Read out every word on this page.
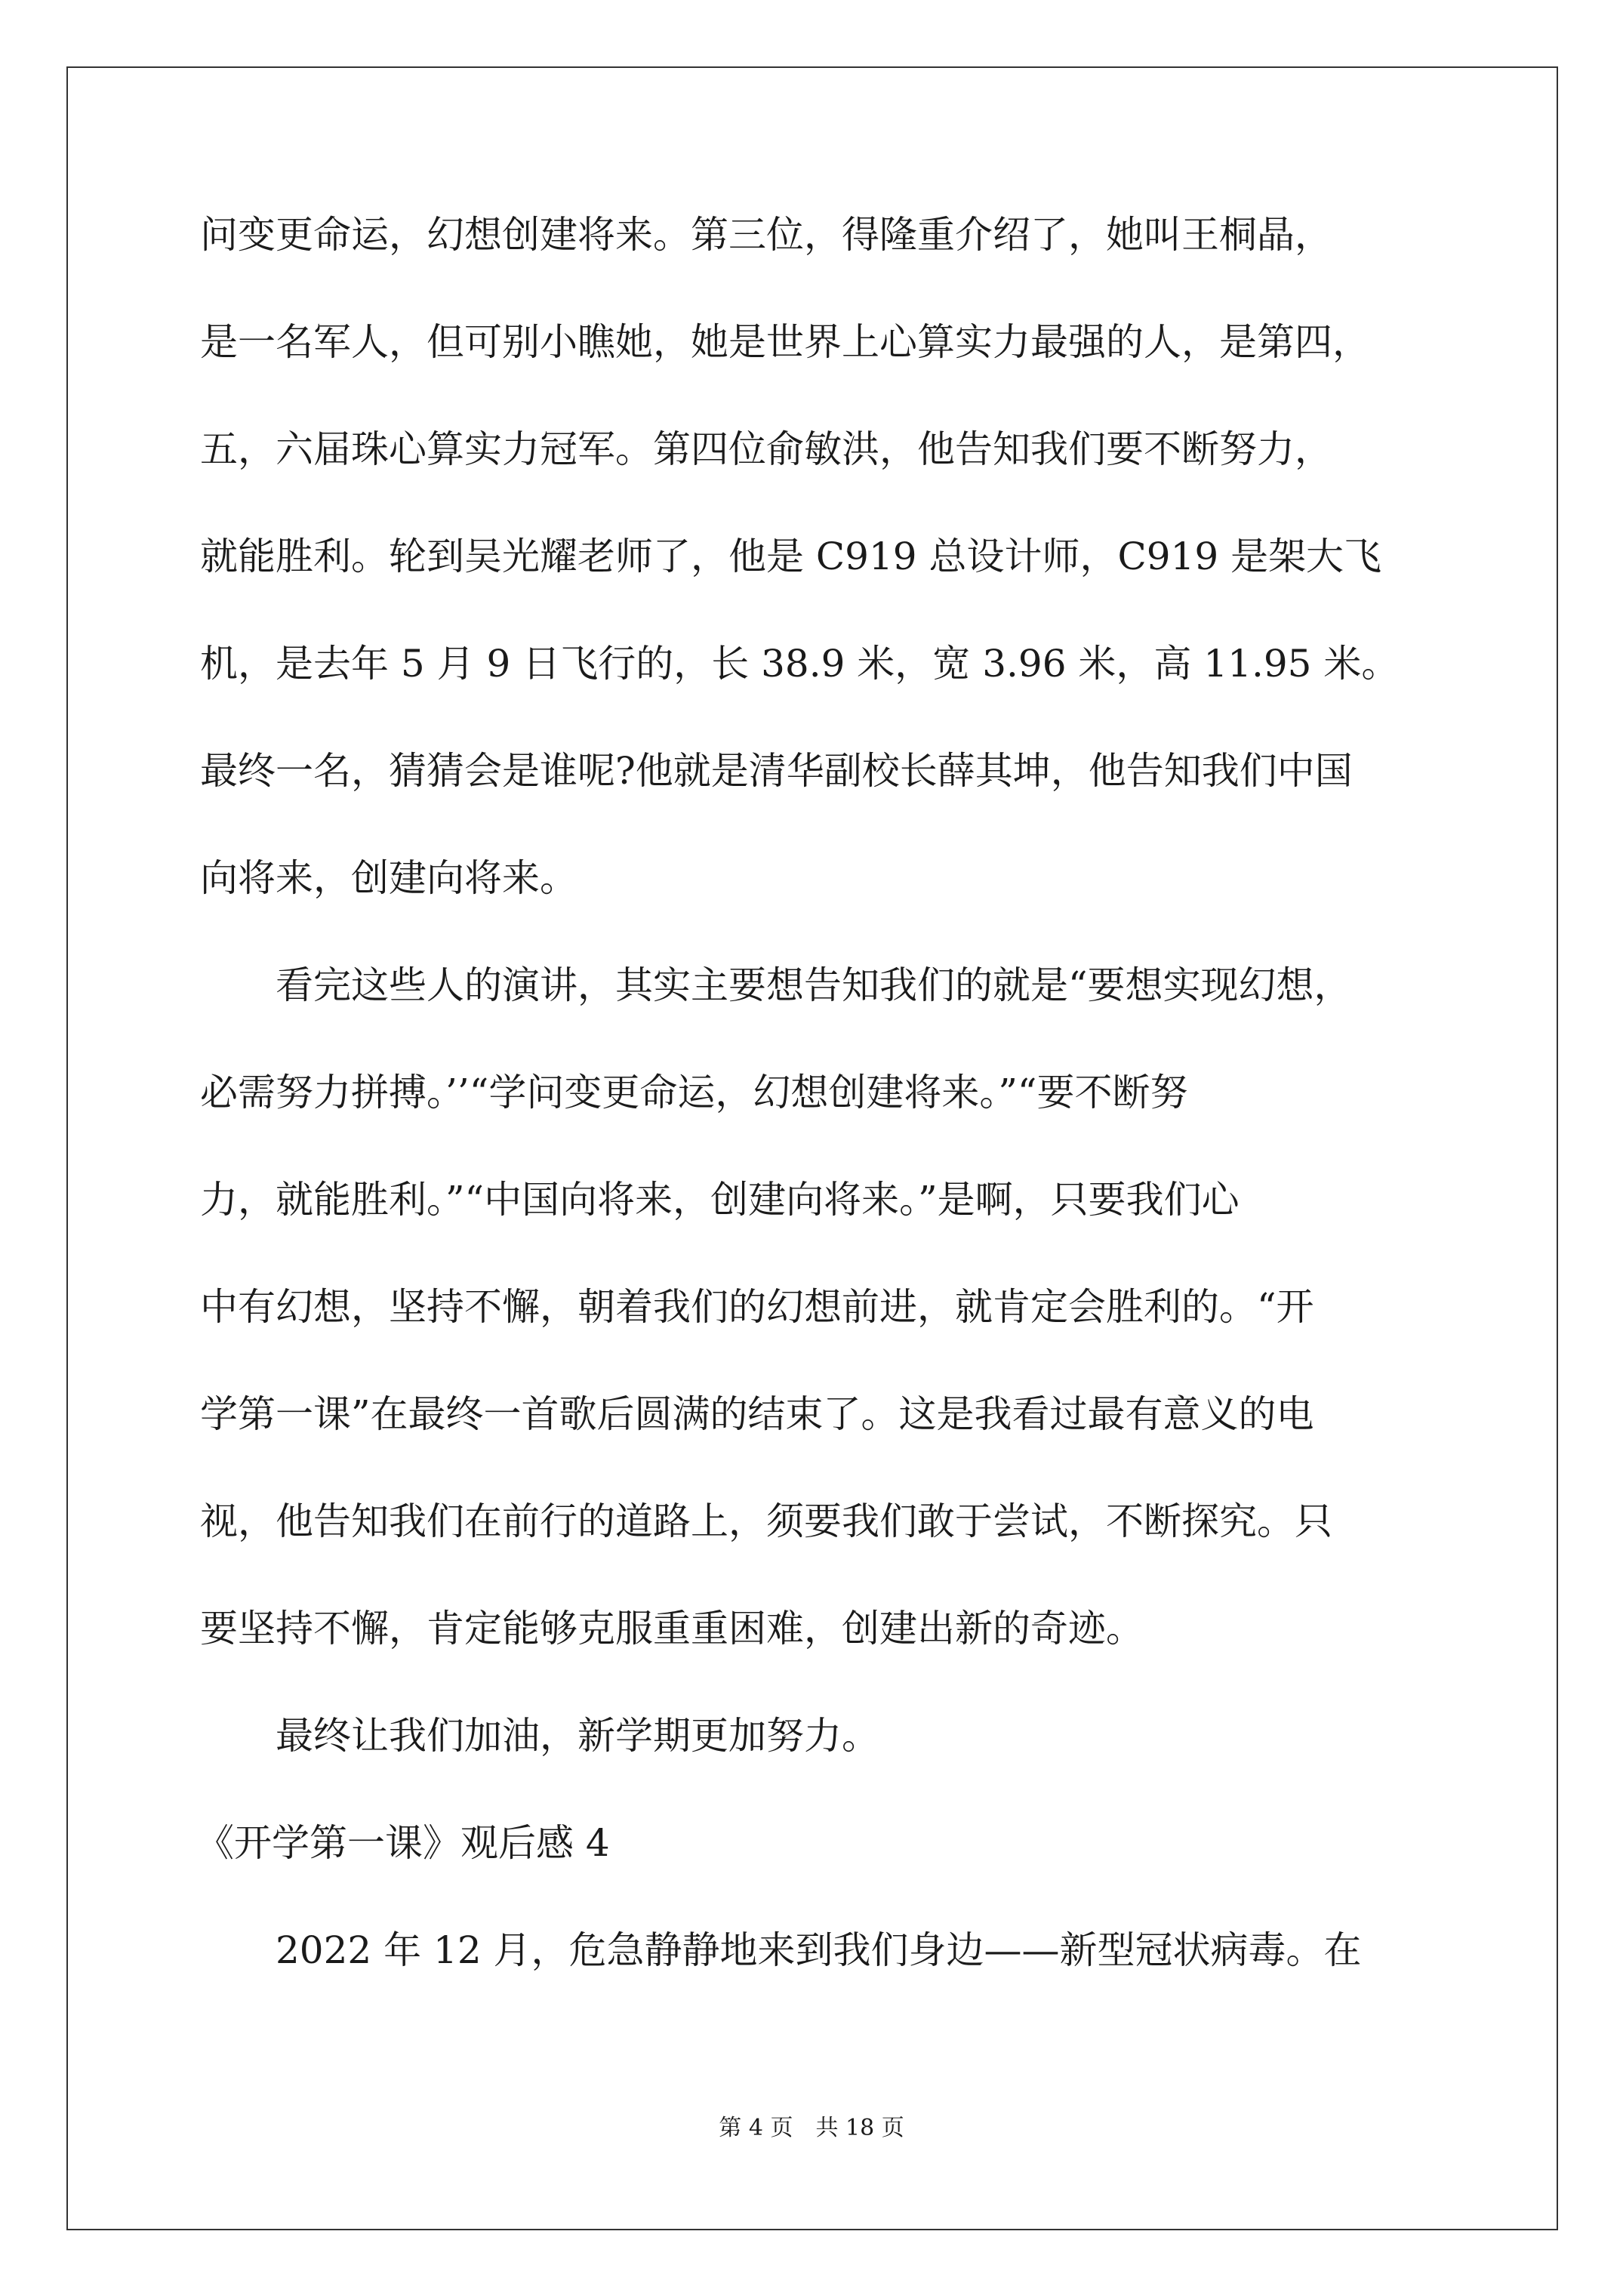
问变更命运，幻想创建将来。第三位，得隆重介绍了，她叫王桐晶，

是一名军人，但可别小瞧她，她是世界上心算实力最强的人，是第四，

五，六届珠心算实力冠军。第四位俞敏洪，他告知我们要不断努力，

就能胜利。轮到吴光耀老师了，他是 C919 总设计师，C919 是架大飞

机，是去年 5 月 9 日飞行的，长 38.9 米，宽 3.96 米，高 11.95 米。

最终一名，猜猜会是谁呢?他就是清华副校长薛其坤，他告知我们中国

向将来，创建向将来。

看完这些人的演讲，其实主要想告知我们的就是“要想实现幻想，

必需努力拼搏。’’“学问变更命运，幻想创建将来。”“要不断努

力，就能胜利。”“中国向将来，创建向将来。”是啊，只要我们心

中有幻想，坚持不懈，朝着我们的幻想前进，就肯定会胜利的。“开

学第一课”在最终一首歌后圆满的结束了。这是我看过最有意义的电

视，他告知我们在前行的道路上，须要我们敢于尝试，不断探究。只

要坚持不懈，肯定能够克服重重困难，创建出新的奇迹。

最终让我们加油，新学期更加努力。

《开学第一课》观后感 4

2022 年 12 月，危急静静地来到我们身边——新型冠状病毒。在

第 4 页　共 18 页
